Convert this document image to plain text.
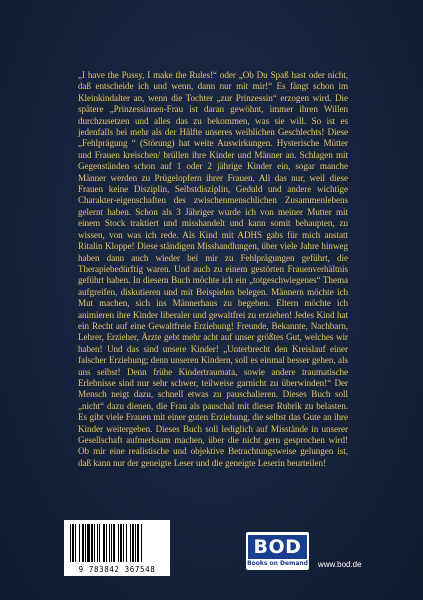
„I have the Pussy, I make the Rules!“ oder „Ob Du Spaß hast oder nicht, daß entscheide ich und wenn, dann nur mit mir!“ Es fängt schon im Kleinkindalter an, wenn die Tochter „zur Prinzessin“ erzogen wird. Die spätere „Prinzessinnen-Frau ist daran gewöhnt, immer ihren Willen durchzusetzen und alles das zu bekommen, was sie will. So ist es jedenfalls bei mehr als der Hälfte unseres weiblichen Geschlechts! Diese „Fehlprägung “ (Störung) hat weite Auswirkungen. Hysterische Mütter und Frauen kreischen/ brüllen ihre Kinder und Männer an. Schlagen mit Gegenständen schon auf 1 oder 2 jährige Kinder ein, sogar manche Männer werden zu Prügelopfern ihrer Frauen. All das nur, weil diese Frauen keine Disziplin, Selbstdisziplin, Geduld und andere wichtige Charakter-eigenschaften des zwischenmenschlichen Zusammenlebens gelernt haben. Schon als 3 Jähriger wurde ich von meiner Mutter mit einem Stock traktiert und misshandelt und kann somit behaupten, zu wissen, von was ich rede. Als Kind mit ADHS gabs für mich anstatt Ritalin Kloppe! Diese ständigen Misshandlungen, über viele Jahre hinweg haben dann auch wieder bei mir zu Fehlprägungen geführt, die Therapiebedürftig waren. Und auch zu einem gestörten Frauenverhältnis geführt haben. In diesem Buch möchte ich ein „totgeschwiegenes“ Thema aufgreifen, diskutieren und mit Beispielen belegen. Männern möchte ich Mut machen, sich ins Männerhaus zu begeben. Eltern möchte ich animieren ihre Kinder liberaler und gewaltfrei zu erziehen! Jedes Kind hat ein Recht auf eine Gewaltfreie Erziehung! Freunde, Bekannte, Nachbarn, Lehrer, Erzieher, Ärzte gebt mehr acht auf unser größtes Gut, welches wir haben! Und das sind unsere Kinder! „Unterbrecht den Kreislauf einer falscher Erziehung; denn unseren Kindern, soll es einmal besser gehen, als uns selbst! Denn frühe Kindertraumata, sowie andere traumatische Erlebnisse sind nur sehr schwer, teilweise garnicht zu überwinden!“ Der Mensch neigt dazu, schnell etwas zu pauschalieren. Dieses Buch soll „nicht“ dazu dienen, die Frau als pauschal mit dieser Rubrik zu belasten. Es gibt viele Frauen mit einer guten Erziehung, die selbst das Gute an ihre Kinder weitergeben. Dieses Buch soll lediglich auf Misstände in unserer Gesellschaft aufmerksam machen, über die nicht gern gesprochen wird! Ob mir eine realistische und objektive Betrachtungsweise gelungen ist, daß kann nur der geneigte Leser und die geneigte Leserin beurteilen!

9 783842 367548
BOD
Books on Demand www.bod.de
